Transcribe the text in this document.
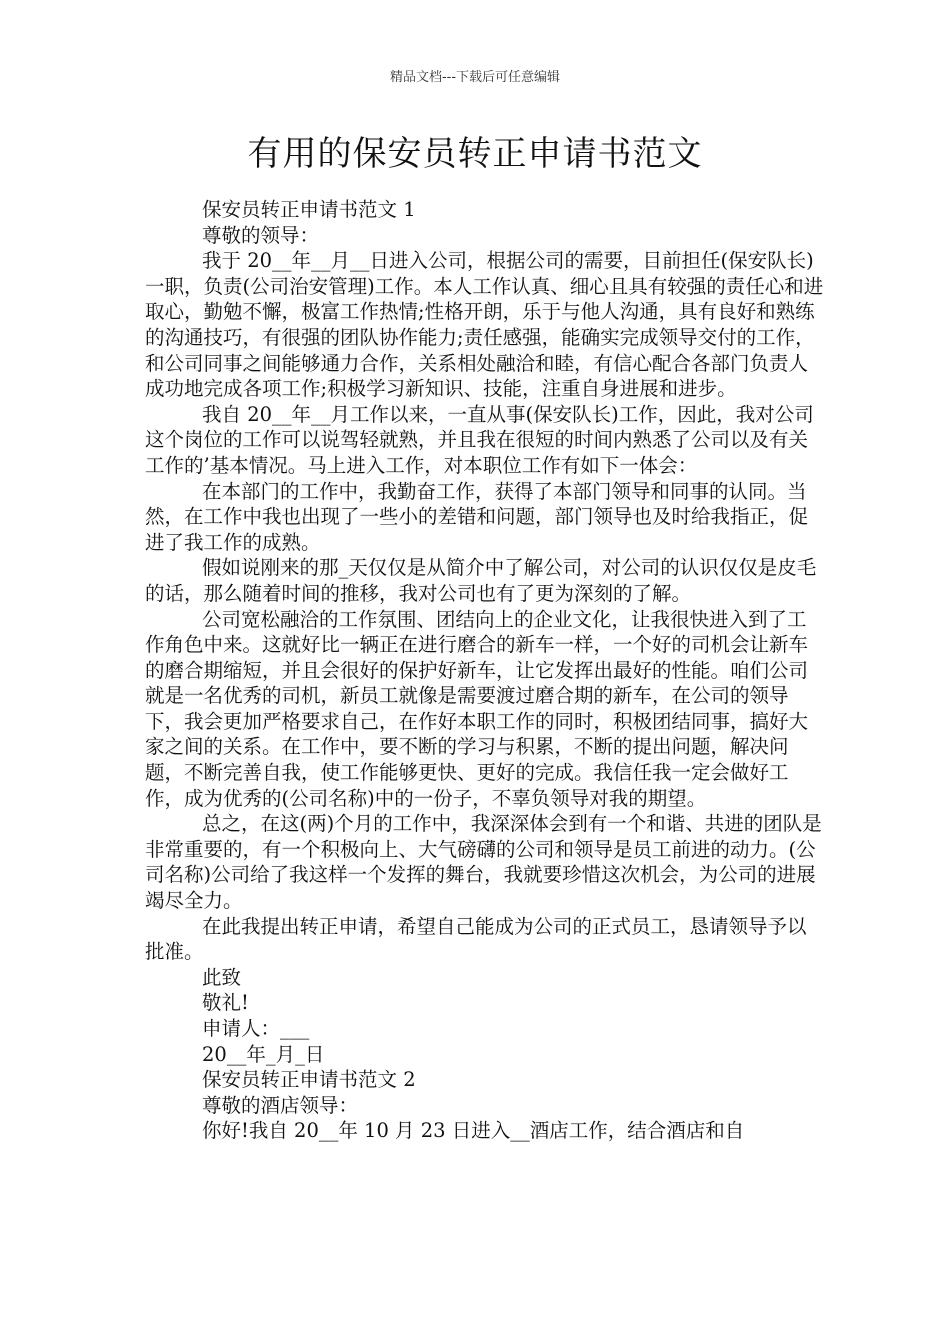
精品文档---下载后可任意编辑
有用的保安员转正申请书范文

保安员转正申请书范文 1

尊敬的领导：

我于 20__年__月__日进入公司，根据公司的需要，目前担任(保安队长)一职，负责(公司治安管理)工作。本人工作认真、细心且具有较强的责任心和进取心，勤勉不懈，极富工作热情;性格开朗，乐于与他人沟通，具有良好和熟练的沟通技巧，有很强的团队协作能力;责任感强，能确实完成领导交付的工作，和公司同事之间能够通力合作，关系相处融洽和睦，有信心配合各部门负责人成功地完成各项工作;积极学习新知识、技能，注重自身进展和进步。

我自 20__年__月工作以来，一直从事(保安队长)工作，因此，我对公司这个岗位的工作可以说驾轻就熟，并且我在很短的时间内熟悉了公司以及有关工作的’基本情况。马上进入工作，对本职位工作有如下一体会：

在本部门的工作中，我勤奋工作，获得了本部门领导和同事的认同。当然，在工作中我也出现了一些小的差错和问题，部门领导也及时给我指正，促进了我工作的成熟。

假如说刚来的那_天仅仅是从简介中了解公司，对公司的认识仅仅是皮毛的话，那么随着时间的推移，我对公司也有了更为深刻的了解。

公司宽松融洽的工作氛围、团结向上的企业文化，让我很快进入到了工作角色中来。这就好比一辆正在进行磨合的新车一样，一个好的司机会让新车的磨合期缩短，并且会很好的保护好新车，让它发挥出最好的性能。咱们公司就是一名优秀的司机，新员工就像是需要渡过磨合期的新车，在公司的领导下，我会更加严格要求自己，在作好本职工作的同时，积极团结同事，搞好大家之间的关系。在工作中，要不断的学习与积累，不断的提出问题，解决问题，不断完善自我，使工作能够更快、更好的完成。我信任我一定会做好工作，成为优秀的(公司名称)中的一份子，不辜负领导对我的期望。

总之，在这(两)个月的工作中，我深深体会到有一个和谐、共进的团队是非常重要的，有一个积极向上、大气磅礴的公司和领导是员工前进的动力。(公司名称)公司给了我这样一个发挥的舞台，我就要珍惜这次机会，为公司的进展竭尽全力。

在此我提出转正申请，希望自己能成为公司的正式员工，恳请领导予以批准。

此致

敬礼!

申请人：___

20__年_月_日

保安员转正申请书范文 2

尊敬的酒店领导：

你好!我自 20__年 10 月 23 日进入__酒店工作，结合酒店和自
